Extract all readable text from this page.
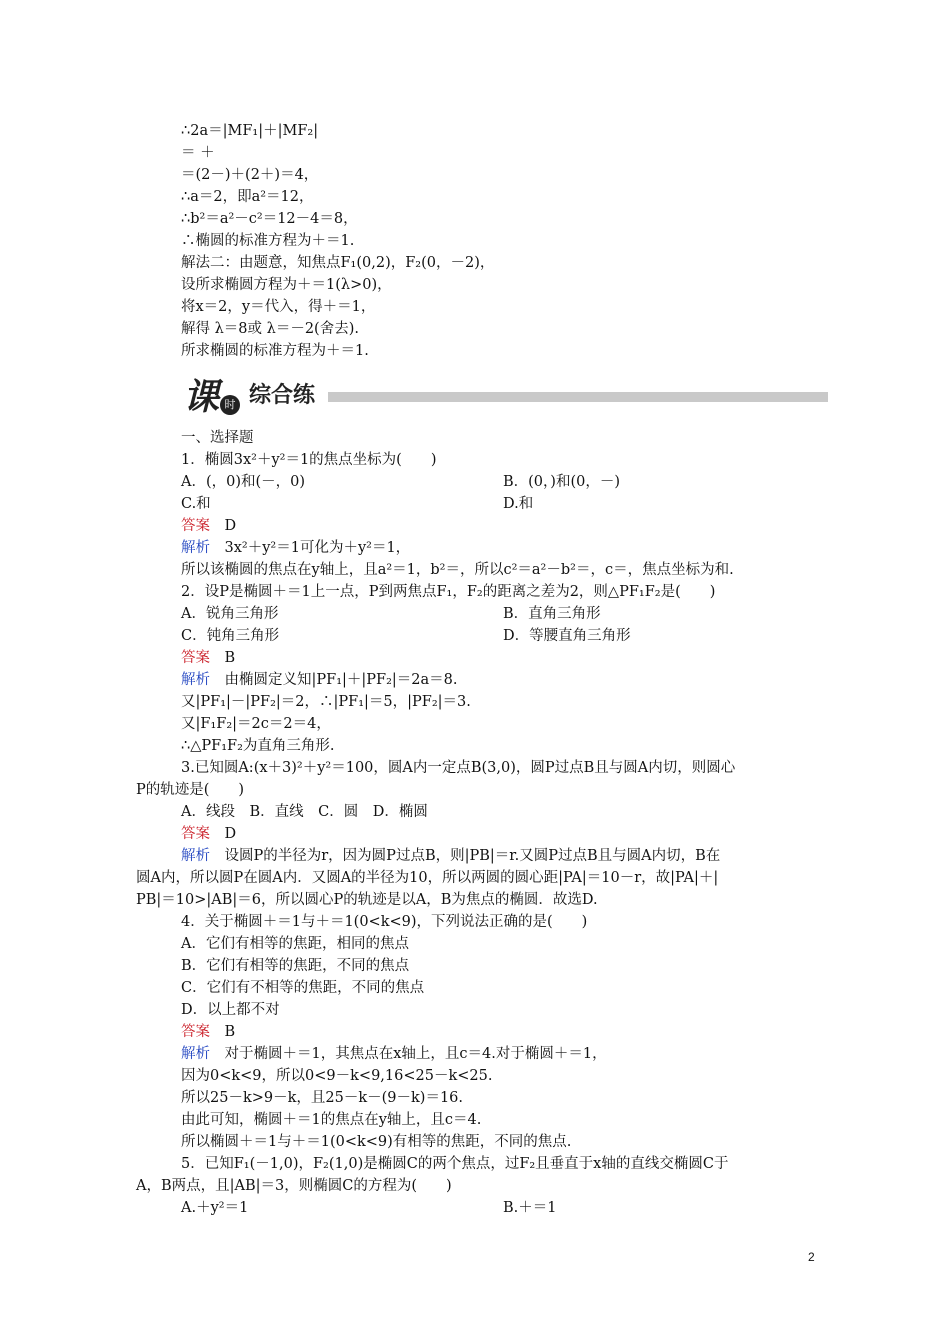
∴2a＝|MF₁|＋|MF₂|
＝ ＋
＝(2－)＋(2＋)＝4，
∴a＝2，即a²＝12，
∴b²＝a²－c²＝12－4＝8，
∴椭圆的标准方程为＋＝1.
解法二：由题意，知焦点F₁(0,2)，F₂(0，－2)，
设所求椭圆方程为＋＝1(λ>0)，
将x＝2，y＝代入，得＋＝1，
解得 λ＝8或 λ＝－2(舍去).
所求椭圆的标准方程为＋＝1.
课 时 综合练
一、选择题
1．椭圆3x²＋y²＝1的焦点坐标为(　　)
A．(，0)和(－，0)	B．(0，)和(0，－)
C.和	D.和
答案　 D
解析　 3x²＋y²＝1可化为＋y²＝1，
所以该椭圆的焦点在y轴上，且a²＝1，b²＝，所以c²＝a²－b²＝，c＝，焦点坐标为和.
2．设P是椭圆＋＝1上一点，P到两焦点F₁，F₂的距离之差为2，则△PF₁F₂是(　　)
A．锐角三角形	B．直角三角形
C．钝角三角形	D．等腰直角三角形
答案　 B
解析　 由椭圆定义知|PF₁|＋|PF₂|＝2a＝8.
又|PF₁|－|PF₂|＝2，∴|PF₁|＝5，|PF₂|＝3.
又|F₁F₂|＝2c＝2＝4，
∴△PF₁F₂为直角三角形.
3.已知圆A:(x＋3)²＋y²＝100，圆A内一定点B(3,0)，圆P过点B且与圆A内切，则圆心
P的轨迹是(　　)
A．线段　B．直线　C．圆　D．椭圆
答案　 D
解析　 设圆P的半径为r，因为圆P过点B，则|PB|＝r.又圆P过点B且与圆A内切，B在
圆A内，所以圆P在圆A内．又圆A的半径为10，所以两圆的圆心距|PA|＝10－r，故|PA|＋|
PB|＝10>|AB|＝6，所以圆心P的轨迹是以A，B为焦点的椭圆．故选D.
4．关于椭圆＋＝1与＋＝1(0<k<9)，下列说法正确的是(　　)
A．它们有相等的焦距，相同的焦点
B．它们有相等的焦距，不同的焦点
C．它们有不相等的焦距，不同的焦点
D．以上都不对
答案　 B
解析　 对于椭圆＋＝1，其焦点在x轴上，且c＝4.对于椭圆＋＝1，
因为0<k<9，所以0<9－k<9,16<25－k<25.
所以25－k>9－k，且25－k－(9－k)＝16.
由此可知，椭圆＋＝1的焦点在y轴上，且c＝4.
所以椭圆＋＝1与＋＝1(0<k<9)有相等的焦距，不同的焦点.
5．已知F₁(－1,0)，F₂(1,0)是椭圆C的两个焦点，过F₂且垂直于x轴的直线交椭圆C于
A，B两点，且|AB|＝3，则椭圆C的方程为(　　)
A.＋y²＝1	B.＋＝1
2
